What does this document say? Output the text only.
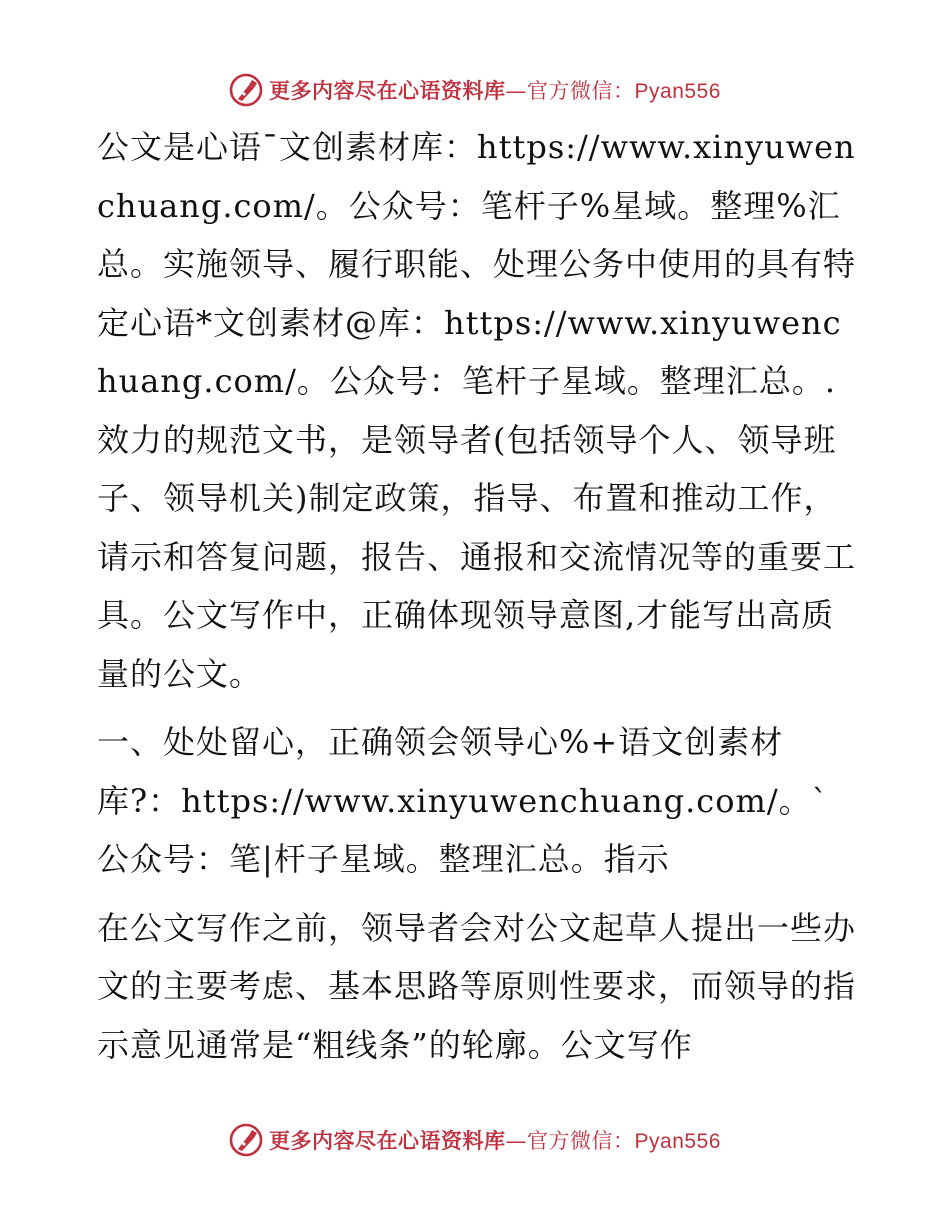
更多内容尽在心语资料库—官方微信：Pyan556

公文是心语¯文创素材库：https://www.xinyuwenchuang.com/。公众号：笔杆子%星域。整理%汇总。实施领导、履行职能、处理公务中使用的具有特定心语*文创素材@库：https://www.xinyuwenchuang.com/。公众号：笔杆子星域。整理汇总。.效力的规范文书，是领导者(包括领导个人、领导班子、领导机关)制定政策，指导、布置和推动工作，请示和答复问题，报告、通报和交流情况等的重要工具。公文写作中，正确体现领导意图,才能写出高质量的公文。

一、处处留心，正确领会领导心%+语文创素材库?：https://www.xinyuwenchuang.com/。`公众号：笔|杆子星域。整理汇总。指示

在公文写作之前，领导者会对公文起草人提出一些办文的主要考虑、基本思路等原则性要求，而领导的指示意见通常是“粗线条”的轮廓。公文写作

更多内容尽在心语资料库—官方微信：Pyan556
